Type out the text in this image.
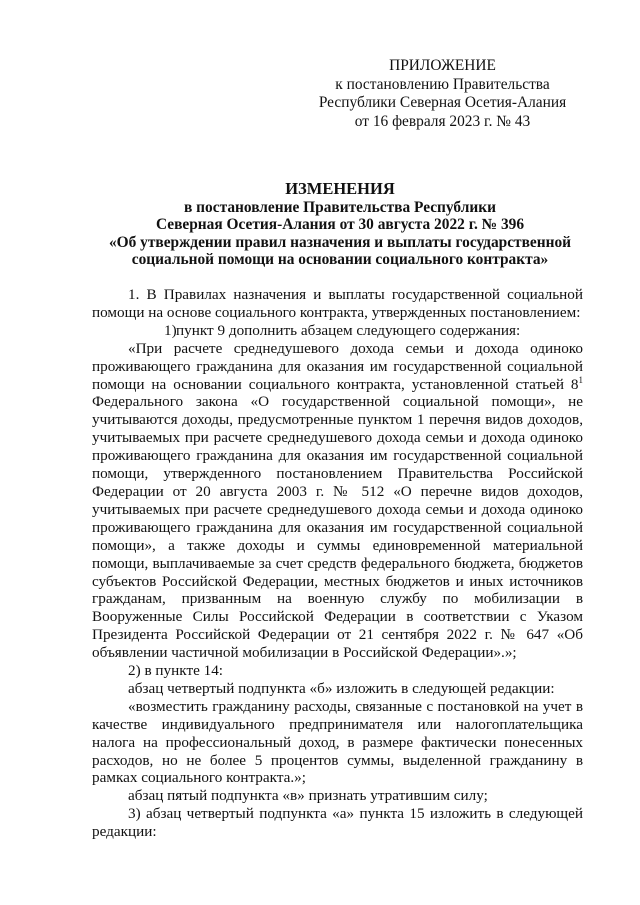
ПРИЛОЖЕНИЕ
к постановлению Правительства
Республики Северная Осетия-Алания
от 16 февраля 2023 г. № 43
ИЗМЕНЕНИЯ
в постановление Правительства Республики
Северная Осетия-Алания от 30 августа 2022 г. № 396
«Об утверждении правил назначения и выплаты государственной
социальной помощи на основании социального контракта»

1. В Правилах назначения и выплаты государственной социальной помощи на основе социального контракта, утвержденных постановлением:

1)пункт 9 дополнить абзацем следующего содержания:

«При расчете среднедушевого дохода семьи и дохода одиноко проживающего гражданина для оказания им государственной социальной помощи на основании социального контракта, установленной статьей $8^1$ Федерального закона «О государственной социальной помощи», не учитываются доходы, предусмотренные пунктом 1 перечня видов доходов, учитываемых при расчете среднедушевого дохода семьи и дохода одиноко проживающего гражданина для оказания им государственной социальной помощи, утвержденного постановлением Правительства Российской Федерации от 20 августа 2003 г. № 512 «О перечне видов доходов, учитываемых при расчете среднедушевого дохода семьи и дохода одиноко проживающего гражданина для оказания им государственной социальной помощи», а также доходы и суммы единовременной материальной помощи, выплачиваемые за счет средств федерального бюджета, бюджетов субъектов Российской Федерации, местных бюджетов и иных источников гражданам, призванным на военную службу по мобилизации в Вооруженные Силы Российской Федерации в соответствии с Указом Президента Российской Федерации от 21 сентября 2022 г. № 647 «Об объявлении частичной мобилизации в Российской Федерации».»;

2) в пункте 14:

абзац четвертый подпункта «б» изложить в следующей редакции:

«возместить гражданину расходы, связанные с постановкой на учет в качестве индивидуального предпринимателя или налогоплательщика налога на профессиональный доход, в размере фактически понесенных расходов, но не более 5 процентов суммы, выделенной гражданину в рамках социального контракта.»;

абзац пятый подпункта «в» признать утратившим силу;

3) абзац четвертый подпункта «а» пункта 15 изложить в следующей редакции:
